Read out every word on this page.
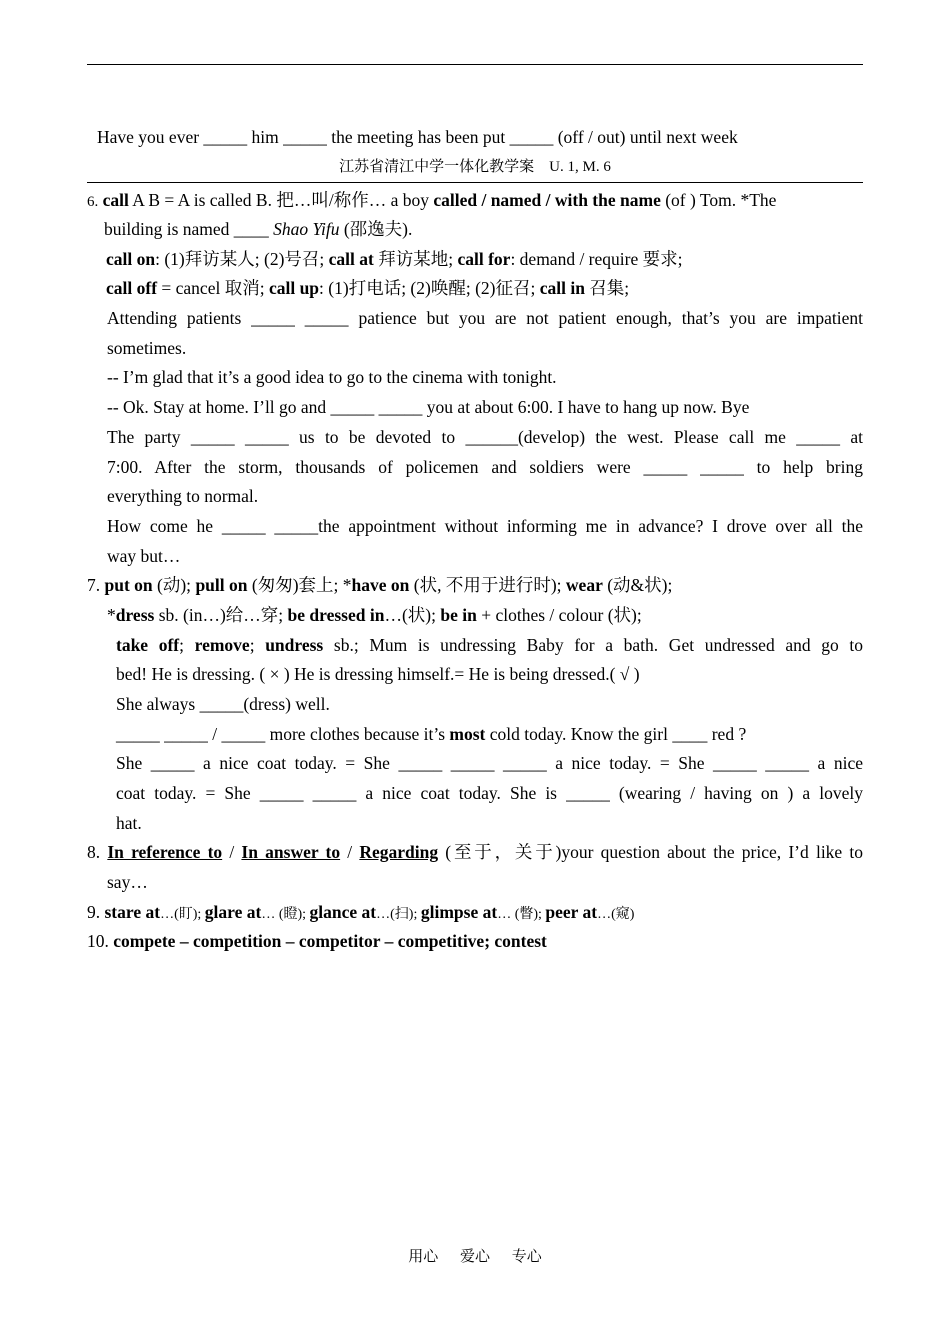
Have you ever _____ him _____ the meeting has been put _____ (off / out) until next week
江苏省清江中学一体化教学案 U. 1, M. 6
6. call A B = A is called B. 把…叫/称作… a boy called / named / with the name (of ) Tom. *The
building is named ____ Shao Yifu (邵逸夫).
call on: (1)拜访某人; (2)号召; call at 拜访某地; call for: demand / require 要求;
call off = cancel 取消; call up: (1)打电话; (2)唤醒; (2)征召; call in 召集;
Attending patients _____ _____ patience but you are not patient enough, that’s you are impatient
sometimes.
-- I’m glad that it’s a good idea to go to the cinema with tonight.
-- Ok. Stay at home. I’ll go and _____ _____ you at about 6:00. I have to hang up now. Bye
The party _____ _____ us to be devoted to ______(develop) the west. Please call me _____ at
7:00. After the storm, thousands of policemen and soldiers were _____ _____ to help bring
everything to normal.
How come he _____ _____the appointment without informing me in advance? I drove over all the
way but…
7. put on (动); pull on (匆匆)套上; *have on (状, 不用于进行时); wear (动&状);
*dress sb. (in…)给…穿; be dressed in…(状); be in + clothes / colour (状);
take off; remove; undress sb.; Mum is undressing Baby for a bath. Get undressed and go to
bed! He is dressing. ( × ) He is dressing himself.= He is being dressed.( √ )
She always _____(dress) well.
_____ _____ / _____ more clothes because it’s most cold today. Know the girl ____ red ?
She _____ a nice coat today. = She _____ _____ _____ a nice today. = She _____ _____ a nice
coat today. = She _____ _____ a nice coat today. She is _____ (wearing / having on ) a lovely
hat.
8. In reference to / In answer to / Regarding (至于，关于)your question about the price, I’d like to
say…
9. stare at…(盯); glare at… (瞪); glance at…(扫); glimpse at… (瞥); peer at…(窥)
10. compete – competition – competitor – competitive; contest
用心 爱心 专心
